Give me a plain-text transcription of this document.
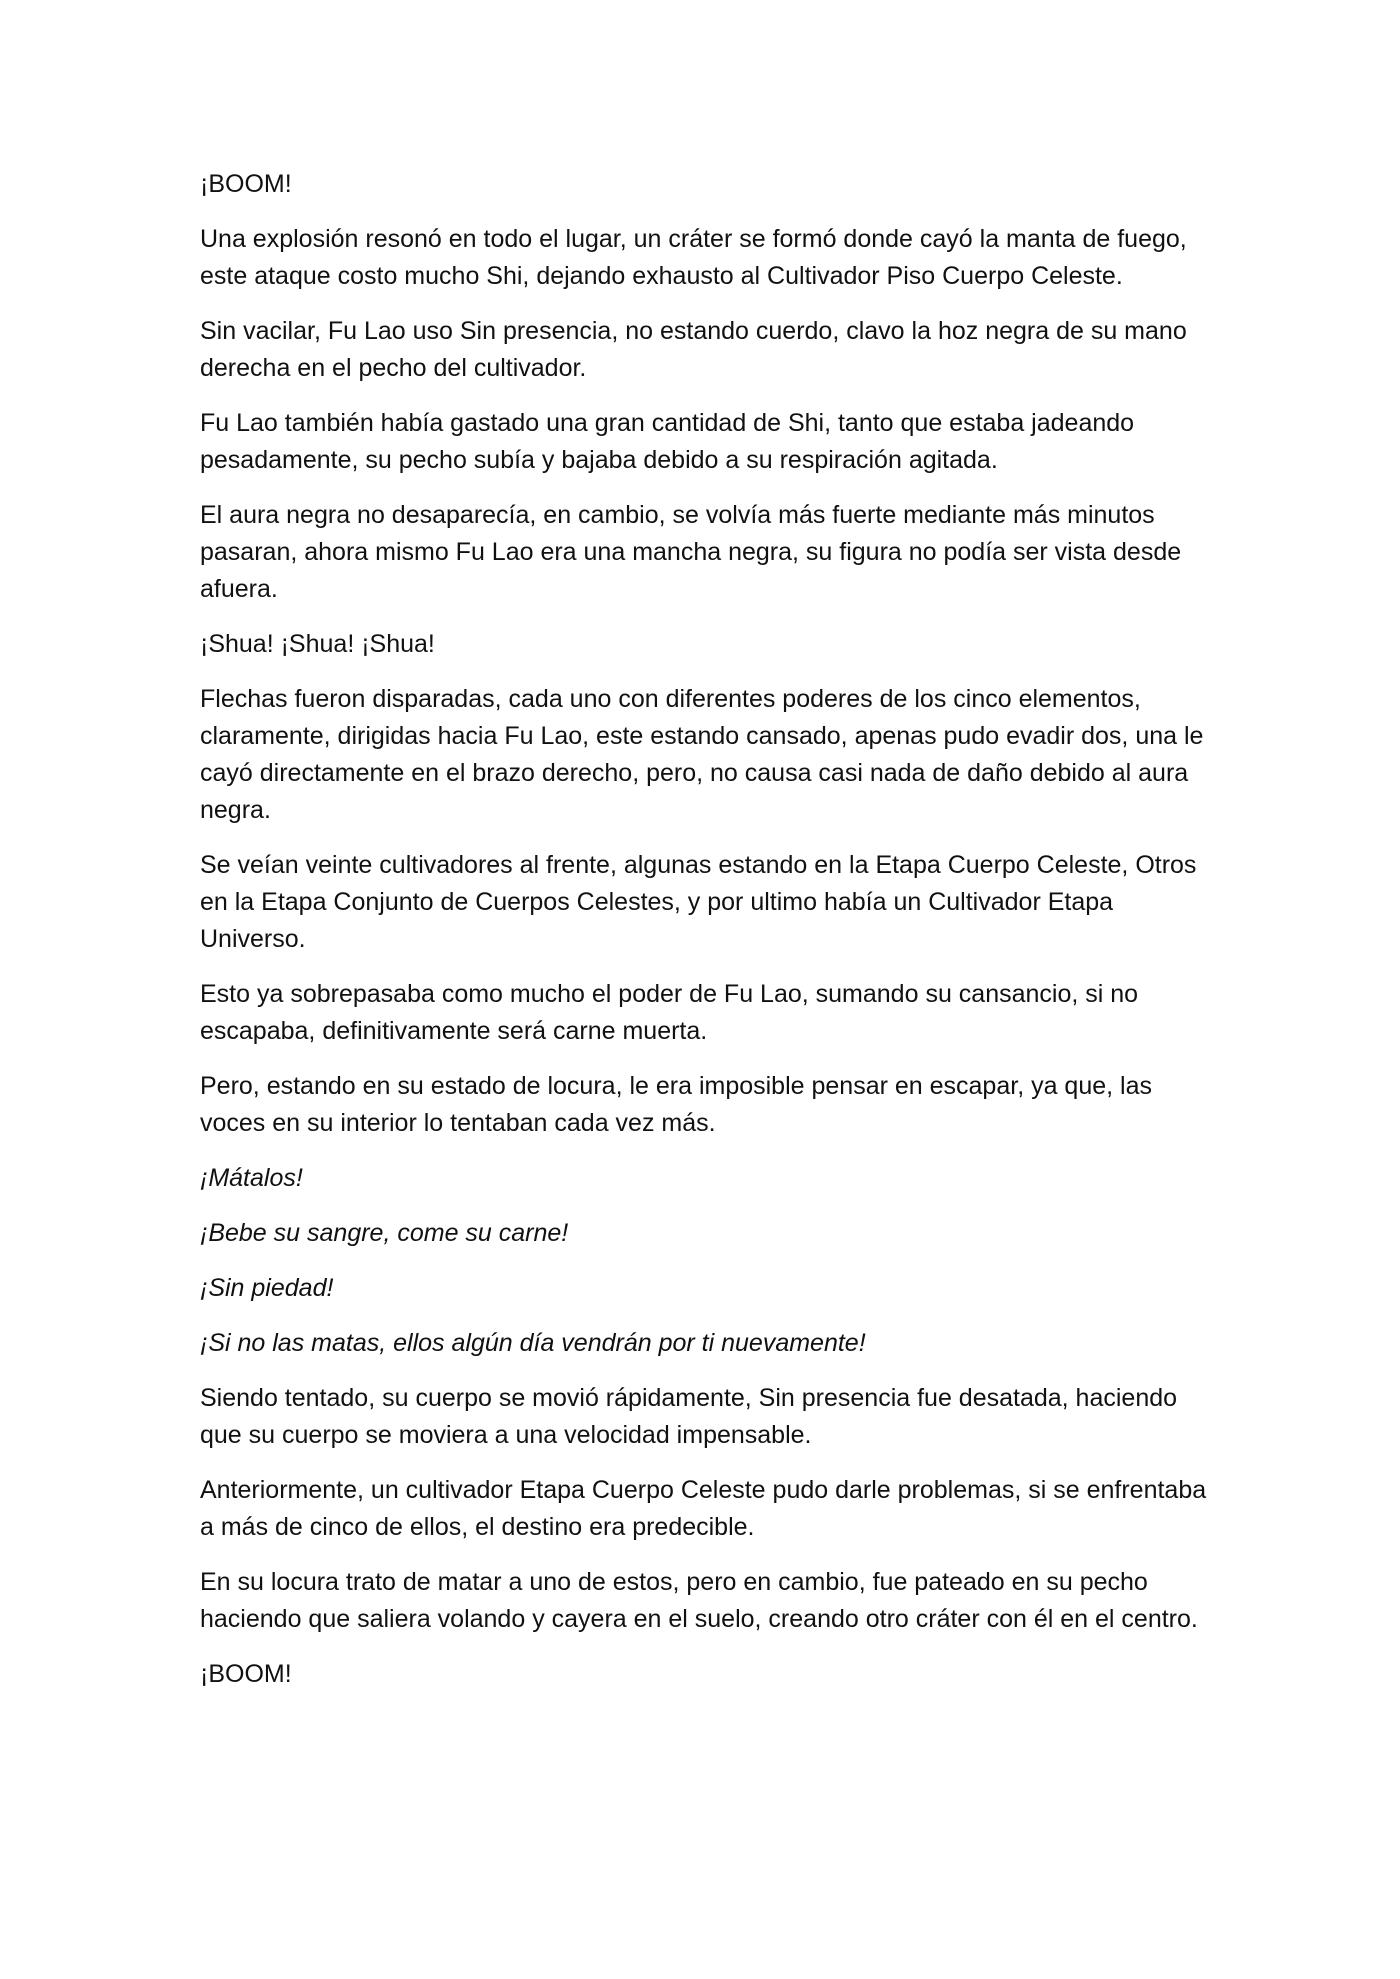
¡BOOM!

Una explosión resonó en todo el lugar, un cráter se formó donde cayó la manta de fuego, este ataque costo mucho Shi, dejando exhausto al Cultivador Piso Cuerpo Celeste.

Sin vacilar, Fu Lao uso Sin presencia, no estando cuerdo, clavo la hoz negra de su mano derecha en el pecho del cultivador.

Fu Lao también había gastado una gran cantidad de Shi, tanto que estaba jadeando pesadamente, su pecho subía y bajaba debido a su respiración agitada.

El aura negra no desaparecía, en cambio, se volvía más fuerte mediante más minutos pasaran, ahora mismo Fu Lao era una mancha negra, su figura no podía ser vista desde afuera.

¡Shua! ¡Shua! ¡Shua!

Flechas fueron disparadas, cada uno con diferentes poderes de los cinco elementos, claramente, dirigidas hacia Fu Lao, este estando cansado, apenas pudo evadir dos, una le cayó directamente en el brazo derecho, pero, no causa casi nada de daño debido al aura negra.

Se veían veinte cultivadores al frente, algunas estando en la Etapa Cuerpo Celeste, Otros en la Etapa Conjunto de Cuerpos Celestes, y por ultimo había un Cultivador Etapa Universo.

Esto ya sobrepasaba como mucho el poder de Fu Lao, sumando su cansancio, si no escapaba, definitivamente será carne muerta.

Pero, estando en su estado de locura, le era imposible pensar en escapar, ya que, las voces en su interior lo tentaban cada vez más.

¡Mátalos!

¡Bebe su sangre, come su carne!

¡Sin piedad!

¡Si no las matas, ellos algún día vendrán por ti nuevamente!

Siendo tentado, su cuerpo se movió rápidamente, Sin presencia fue desatada, haciendo que su cuerpo se moviera a una velocidad impensable.

Anteriormente, un cultivador Etapa Cuerpo Celeste pudo darle problemas, si se enfrentaba a más de cinco de ellos, el destino era predecible.

En su locura trato de matar a uno de estos, pero en cambio, fue pateado en su pecho haciendo que saliera volando y cayera en el suelo, creando otro cráter con él en el centro.

¡BOOM!
